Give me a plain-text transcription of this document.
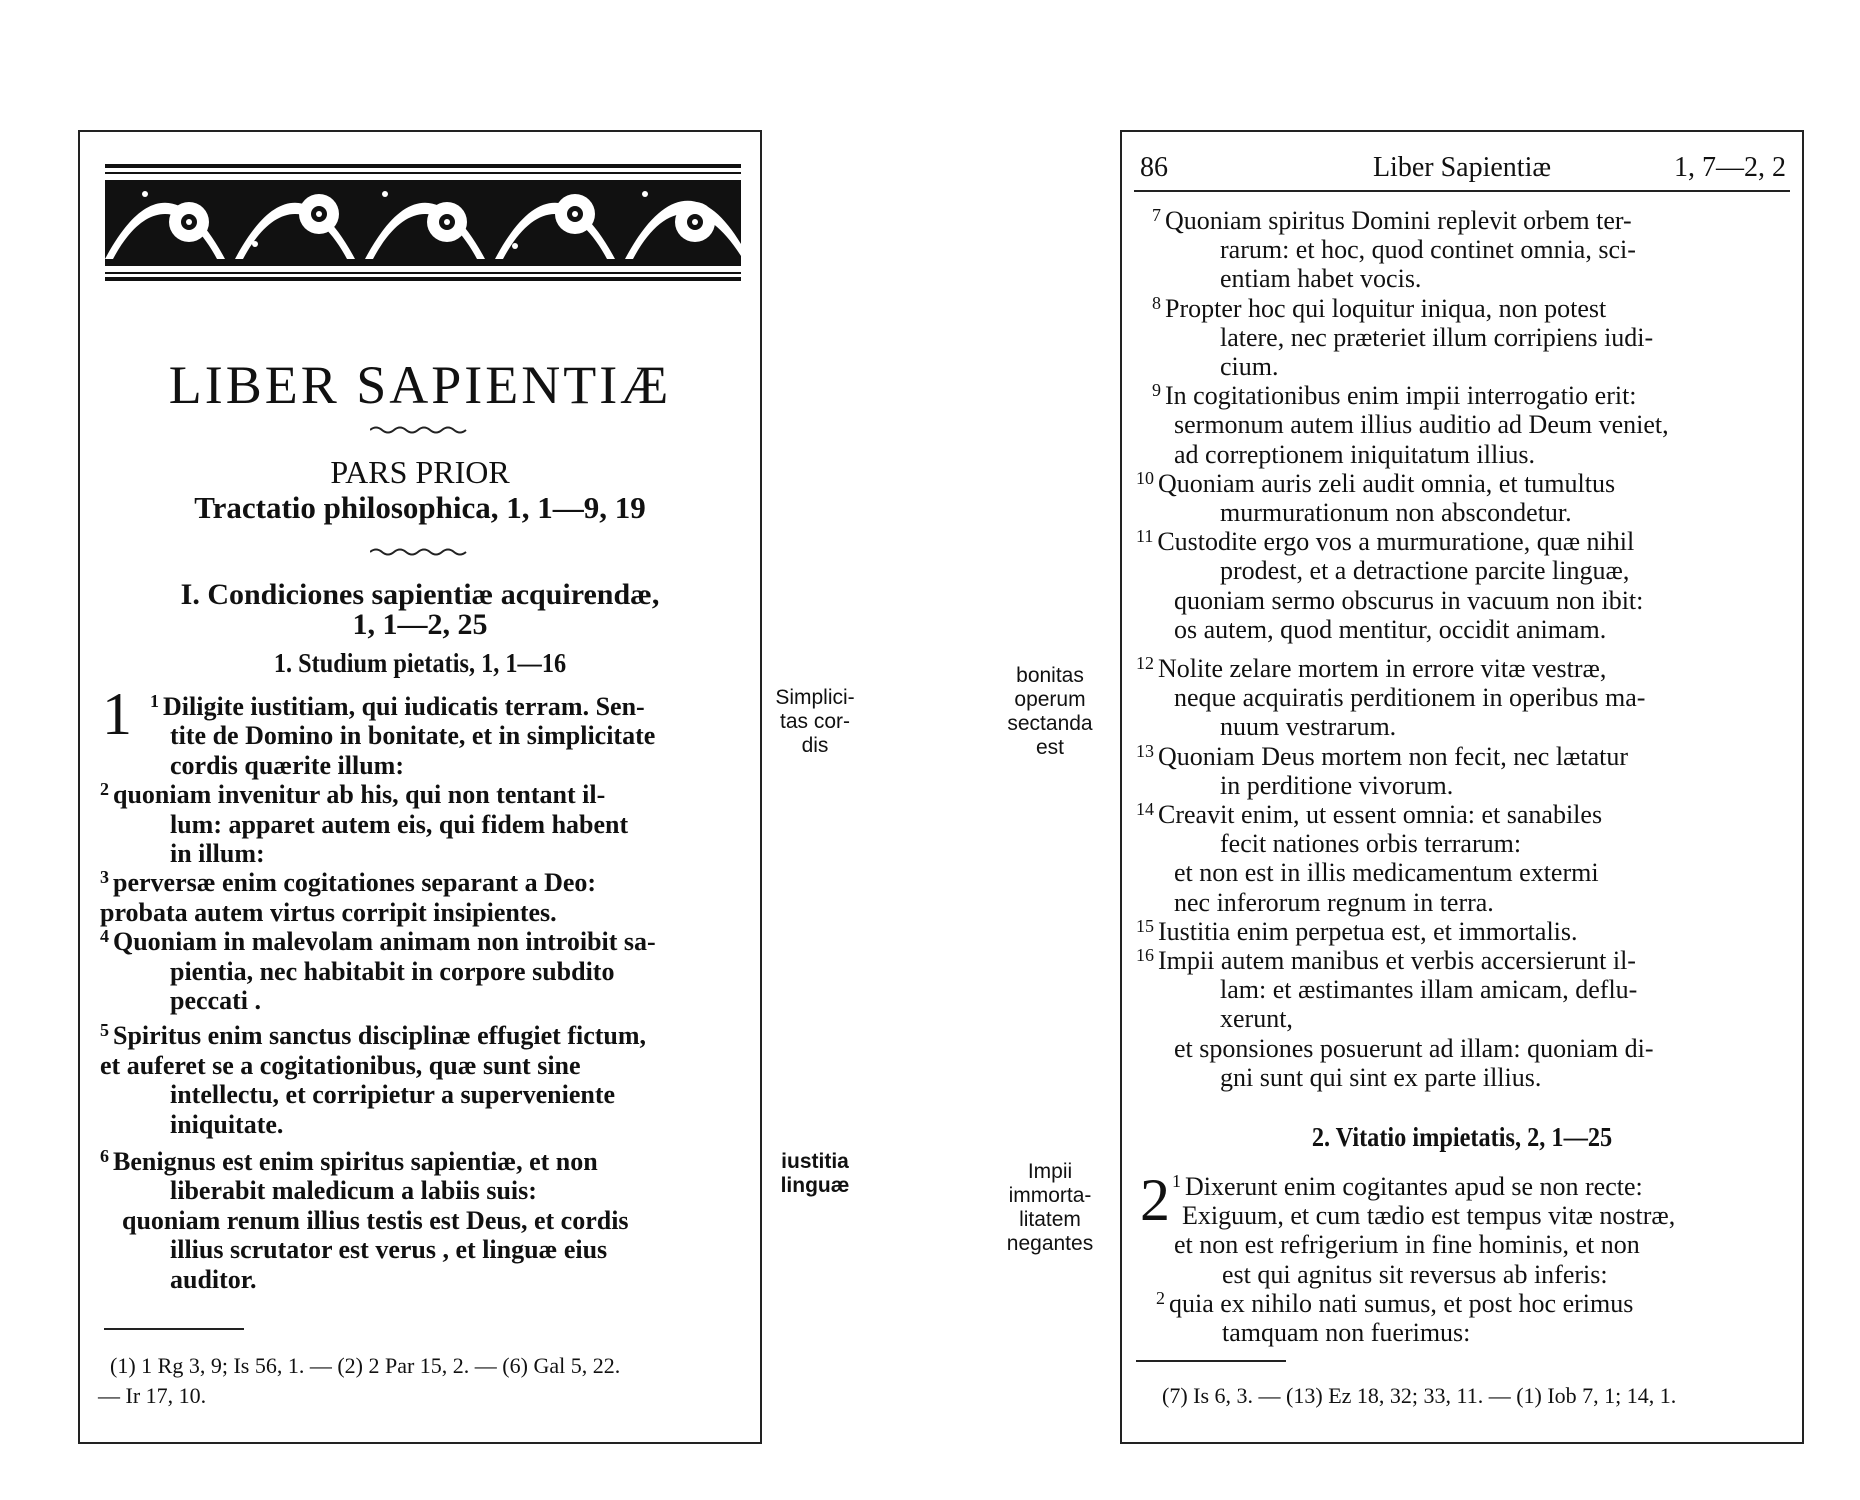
LIBER SAPIENTIÆ
PARS PRIOR
Tractatio philosophica, 1, 1—9, 19
I. Condiciones sapientiæ acquirendæ,
1, 1—2, 25
1. Studium pietatis, 1, 1—16
1 $^1$ Diligite iustitiam, qui iudicatis terram. Sen-
tite de Domino in bonitate, et in simplicitate
cordis quærite illum:
$^2$ quoniam invenitur ab his, qui non tentant il-
lum: apparet autem eis, qui fidem habent
in illum:
$^3$ perversæ enim cogitationes separant a Deo:
probata autem virtus corripit insipientes.
$^4$ Quoniam in malevolam animam non introibit sa-
pientia, nec habitabit in corpore subdito
peccati .
$^5$ Spiritus enim sanctus disciplinæ effugiet fictum,
et auferet se a cogitationibus, quæ sunt sine
intellectu, et corripietur a superveniente
iniquitate.
$^6$ Benignus est enim spiritus sapientiæ, et non
liberabit maledicum a labiis suis:
quoniam renum illius testis est Deus, et cordis
illius scrutator est verus , et linguæ eius
auditor.
(1) 1 Rg 3, 9; Is 56, 1. — (2) 2 Par 15, 2. — (6) Gal 5, 22.
— Ir 17, 10.
Simplici-
tas cor-
dis
iustitia
linguæ
bonitas
operum
sectanda
est
Impii
immorta-
litatem
negantes
86	Liber Sapientiæ	1, 7—2, 2
$^7$ Quoniam spiritus Domini replevit orbem ter-
rarum: et hoc, quod continet omnia, sci-
entiam habet vocis.
$^8$ Propter hoc qui loquitur iniqua, non potest
latere, nec præteriet illum corripiens iudi-
cium.
$^9$ In cogitationibus enim impii interrogatio erit:
sermonum autem illius auditio ad Deum veniet,
ad correptionem iniquitatum illius.
$^{10}$ Quoniam auris zeli audit omnia, et tumultus
murmurationum non abscondetur.
$^{11}$ Custodite ergo vos a murmuratione, quæ nihil
prodest, et a detractione parcite linguæ,
quoniam sermo obscurus in vacuum non ibit:
os autem, quod mentitur, occidit animam.
$^{12}$ Nolite zelare mortem in errore vitæ vestræ,
neque acquiratis perditionem in operibus ma-
nuum vestrarum.
$^{13}$ Quoniam Deus mortem non fecit, nec lætatur
in perditione vivorum.
$^{14}$ Creavit enim, ut essent omnia: et sanabiles
fecit nationes orbis terrarum:
et non est in illis medicamentum extermi
nec inferorum regnum in terra.
$^{15}$ Iustitia enim perpetua est, et immortalis.
$^{16}$ Impii autem manibus et verbis accersierunt il-
lam: et æstimantes illam amicam, deflu-
xerunt,
et sponsiones posuerunt ad illam: quoniam di-
gni sunt qui sint ex parte illius.
2. Vitatio impietatis, 2, 1—25
2 $^1$ Dixerunt enim cogitantes apud se non recte:
Exiguum, et cum tædio est tempus vitæ nostræ,
et non est refrigerium in fine hominis, et non
est qui agnitus sit reversus ab inferis:
$^2$ quia ex nihilo nati sumus, et post hoc erimus
tamquam non fuerimus:
(7) Is 6, 3. — (13) Ez 18, 32; 33, 11. — (1) Iob 7, 1; 14, 1.
